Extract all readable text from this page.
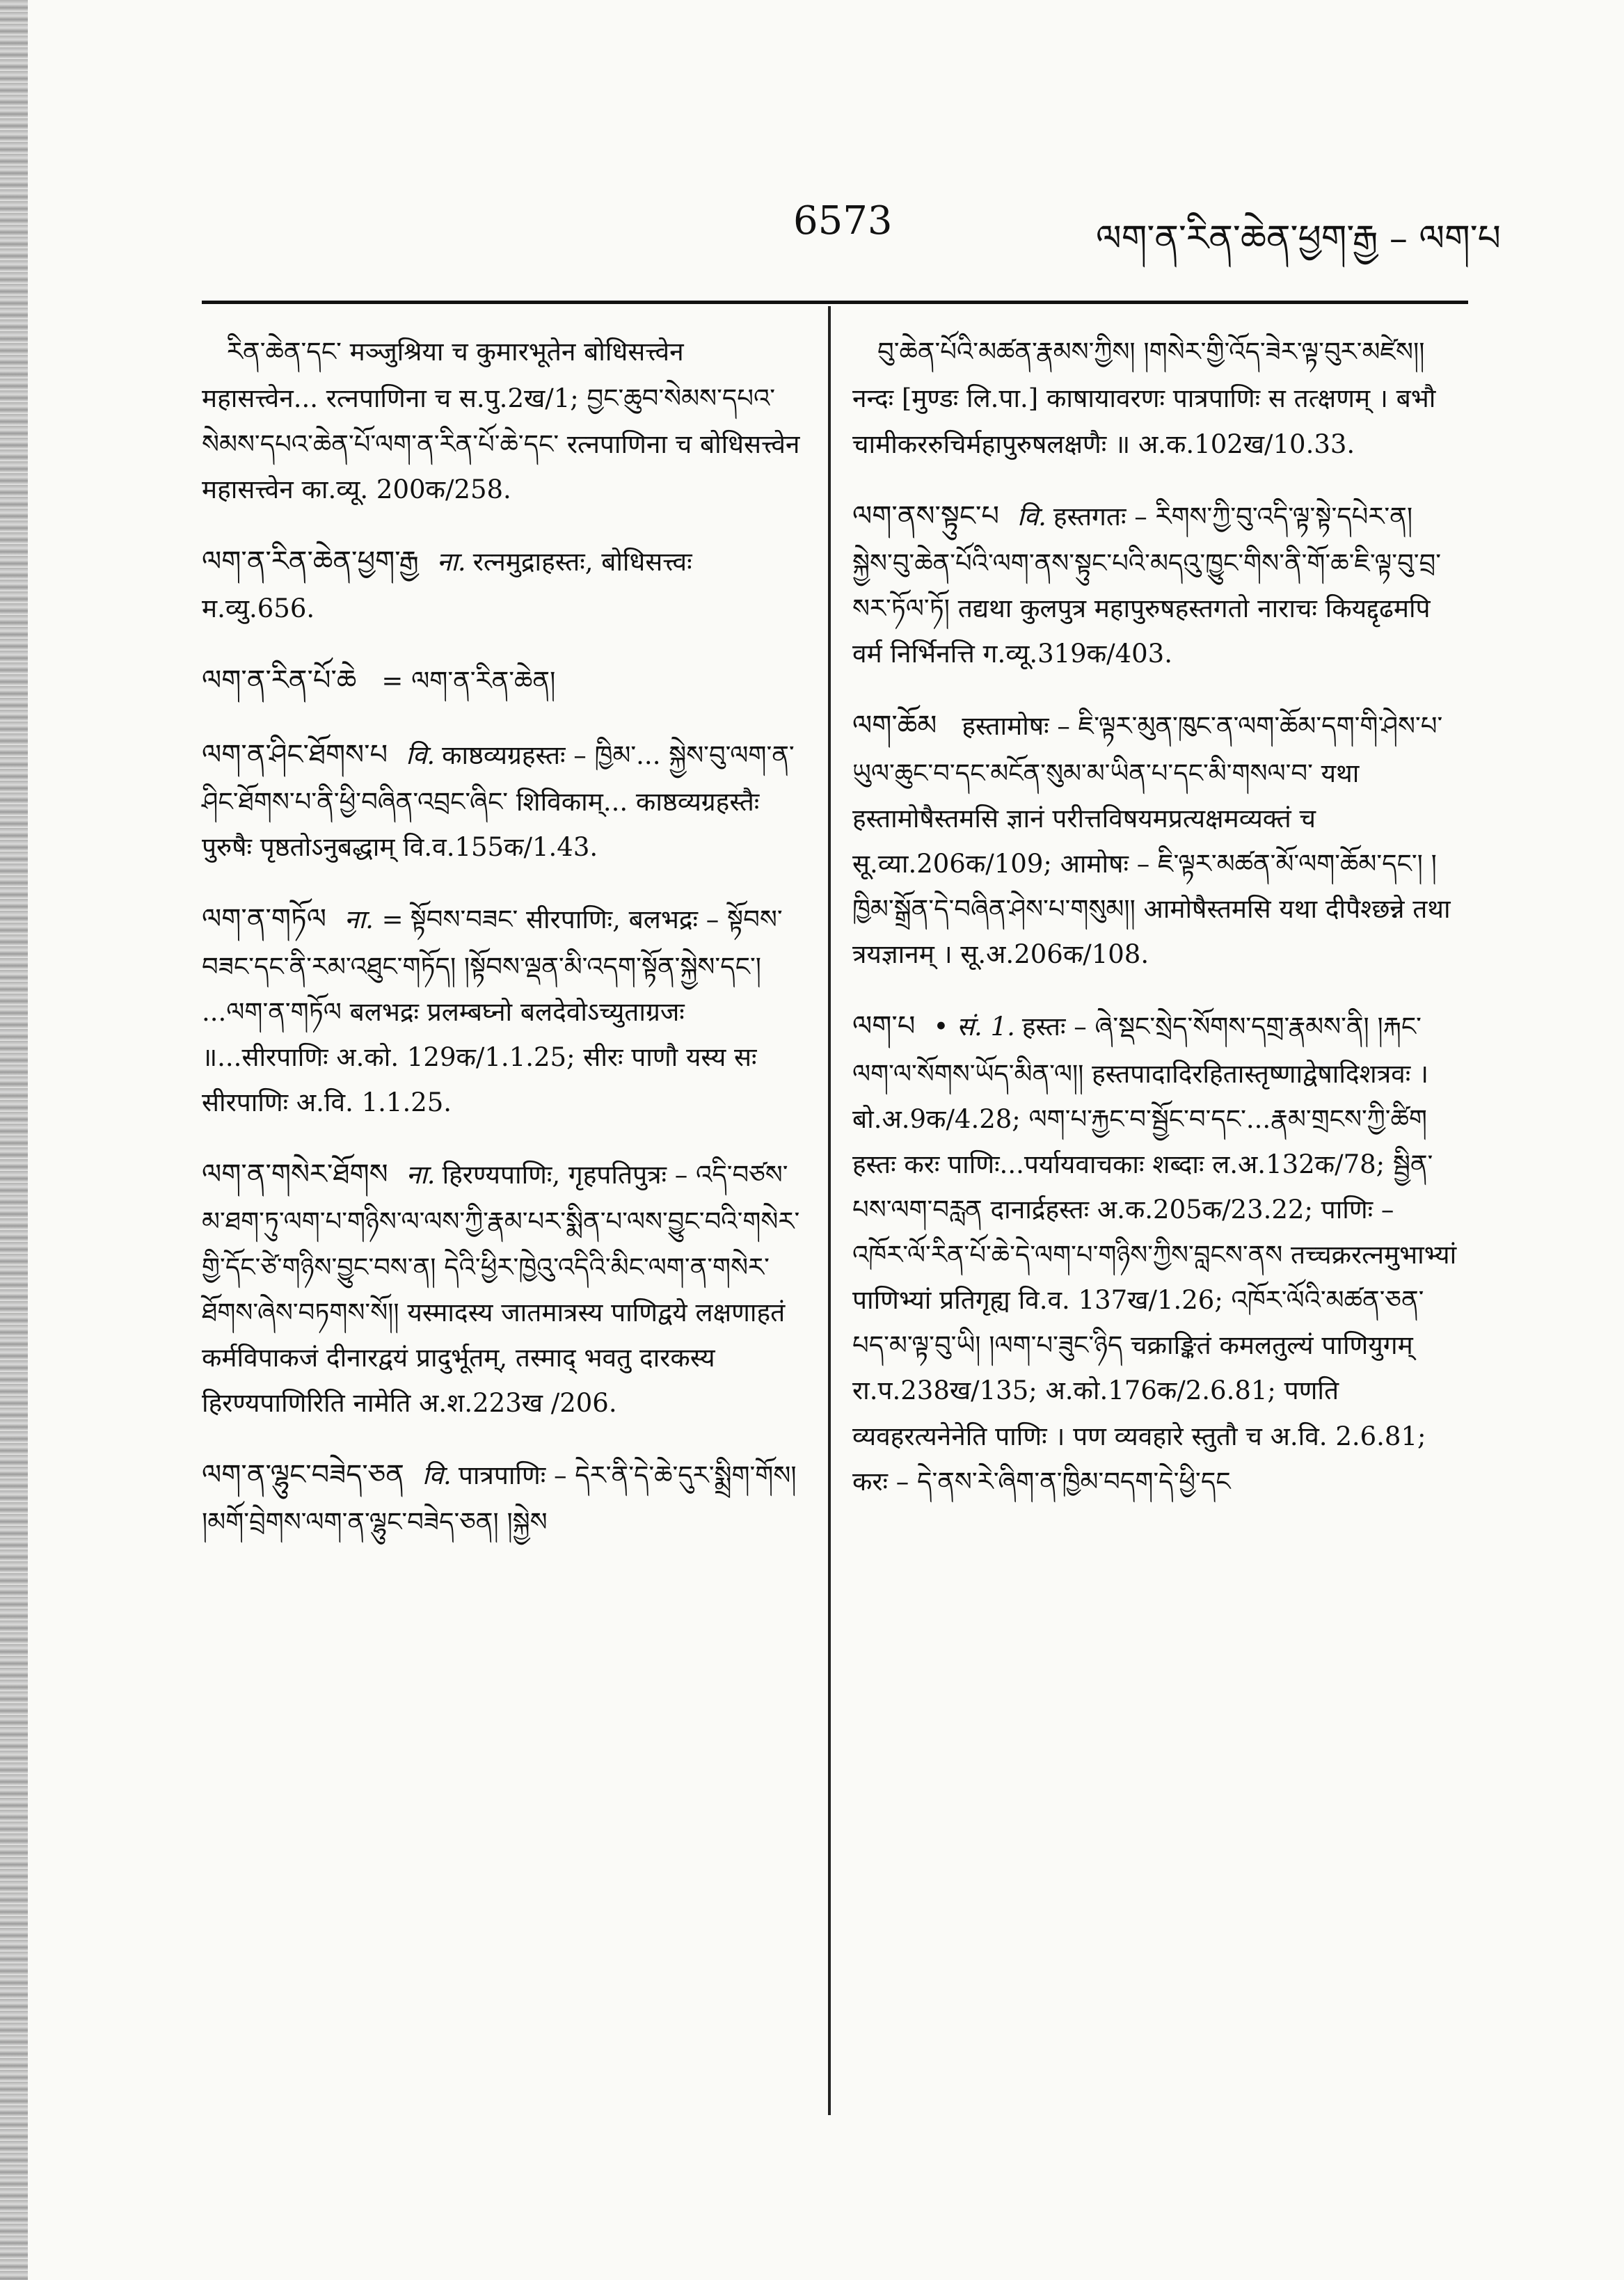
6573	ལག་ན་རིན་ཆེན་ཕྱག་རྒྱ – ལག་པ

རིན་ཆེན་དང་ मञ्जुश्रिया च कुमारभूतेन बोधिसत्त्वेन महासत्त्वेन... रत्नपाणिना च स.पु.2ख/1; བྱང་ཆུབ་སེམས་དཔའ་སེམས་དཔའ་ཆེན་པོ་ལག་ན་རིན་པོ་ཆེ་དང་ रत्नपाणिना च बोधिसत्त्वेन महासत्त्वेन का.व्यू. 200क/258.

ལག་ན་རིན་ཆེན་ཕྱག་རྒྱ ना. रत्नमुद्राहस्तः, बोधिसत्त्वः म.व्यु.656.

ལག་ན་རིན་པོ་ཆེ = ལག་ན་རིན་ཆེན།

ལག་ན་ཤིང་ཐོགས་པ वि. काष्ठव्यग्रहस्तः – ཁྱིམ་... སྐྱེས་བུ་ལག་ན་ཤིང་ཐོགས་པ་ནི་ཕྱི་བཞིན་འབྲང་ཞིང་ शिविकाम्... काष्ठव्यग्रहस्तैः पुरुषैः पृष्ठतोऽनुबद्धाम् वि.व.155क/1.43.

ལག་ན་གཏོལ ना. = སྟོབས་བཟང་ सीरपाणिः, बलभद्रः – སྟོབས་བཟང་དང་ནི་རམ་འཐུང་གཏོད། །སྟོབས་ལྡན་མི་འདག་སྟོན་སྐྱེས་དང་། ...ལག་ན་གཏོལ बलभद्रः प्रलम्बघ्नो बलदेवोऽच्युताग्रजः ॥...सीरपाणिः अ.को. 129क/1.1.25; सीरः पाणौ यस्य सः सीरपाणिः अ.वि. 1.1.25.

ལག་ན་གསེར་ཐོགས ना. हिरण्यपाणिः, गृहपतिपुत्रः – འདི་བཙས་མ་ཐག་ཏུ་ལག་པ་གཉིས་ལ་ལས་ཀྱི་རྣམ་པར་སྨིན་པ་ལས་བྱུང་བའི་གསེར་གྱི་དོང་ཙེ་གཉིས་བྱུང་བས་ན། དེའི་ཕྱིར་ཁྱེའུ་འདིའི་མིང་ལག་ན་གསེར་ཐོགས་ཞེས་བཏགས་སོ།། यस्मादस्य जातमात्रस्य पाणिद्वये लक्षणाहतं कर्मविपाकजं दीनारद्वयं प्रादुर्भूतम्, तस्माद् भवतु दारकस्य हिरण्यपाणिरिति नामेति अ.श.223ख /206.

ལག་ན་ལྷུང་བཟེད་ཅན वि. पात्रपाणिः – དེར་ནི་དེ་ཆེ་དུར་སྨྲིག་གོས། །མགོ་བྲེགས་ལག་ན་ལྷུང་བཟེད་ཅན། །སྐྱེས

བུ་ཆེན་པོའི་མཚན་རྣམས་ཀྱིས། །གསེར་གྱི་འོད་ཟེར་ལྟ་བུར་མཛེས།། नन्दः [मुण्डः लि.पा.] काषायावरणः पात्रपाणिः स तत्क्षणम् । बभौ चामीकररुचिर्महापुरुषलक्षणैः ॥ अ.क.102ख/10.33.

ལག་ནས་སྟུང་པ वि. हस्तगतः – རིགས་ཀྱི་བུ་འདི་ལྟ་སྟེ་དཔེར་ན། སྐྱེས་བུ་ཆེན་པོའི་ལག་ནས་སྟུང་པའི་མདའུ་ཁྱུང་གིས་ནི་གོ་ཆ་ཇི་ལྟ་བུ་བྲ་སར་ཏོལ་ཏོ། तद्यथा कुलपुत्र महापुरुषहस्तगतो नाराचः कियद्दृढमपि वर्म निर्भिनत्ति ग.व्यू.319क/403.

ལག་ཆོམ हस्तामोषः – ཇི་ལྟར་མུན་ཁུང་ན་ལག་ཆོམ་དག་གི་ཤེས་པ་ཡུལ་ཆུང་བ་དང་མངོན་སུམ་མ་ཡིན་པ་དང་མི་གསལ་བ་ यथा हस्तामोषैस्तमसि ज्ञानं परीत्तविषयमप्रत्यक्षमव्यक्तं च सू.व्या.206क/109; आमोषः – ཇི་ལྟར་མཚན་མོ་ལག་ཆོམ་དང་། །ཁྱིམ་སྒྲོན་དེ་བཞིན་ཤེས་པ་གསུམ།། आमोषैस्तमसि यथा दीपैश्छन्ने तथा त्रयज्ञानम् । सू.अ.206क/108.

ལག་པ • सं. 1. हस्तः – ཞེ་སྡང་སྲེད་སོགས་དགྲ་རྣམས་ནི། །རྐང་ལག་ལ་སོགས་ཡོད་མིན་ལ།། हस्तपादादिरहितास्तृष्णाद्वेषादिशत्रवः । बो.अ.9क/4.28; ལག་པ་རྐྱང་བ་སྦྱོང་བ་དང་...རྣམ་གྲངས་ཀྱི་ཚིག हस्तः करः पाणिः...पर्यायवाचकाः शब्दाः ल.अ.132क/78; སྦྱིན་པས་ལག་བརླན दानार्द्रहस्तः अ.क.205क/23.22; पाणिः – འཁོར་ལོ་རིན་པོ་ཆེ་དེ་ལག་པ་གཉིས་ཀྱིས་བླངས་ནས तच्चक्ररत्नमुभाभ्यां पाणिभ्यां प्रतिगृह्य वि.व. 137ख/1.26; འཁོར་ལོའི་མཚན་ཅན་པད་མ་ལྟ་བུ་ཡི། །ལག་པ་ཟུང་ཉིད चक्राङ्कितं कमलतुल्यं पाणियुगम् रा.प.238ख/135; अ.को.176क/2.6.81; पणति व्यवहरत्यनेनेति पाणिः । पण व्यवहारे स्तुतौ च अ.वि. 2.6.81; करः – དེ་ནས་རེ་ཞིག་ན་ཁྱིམ་བདག་དེ་ཕྱི་དང
